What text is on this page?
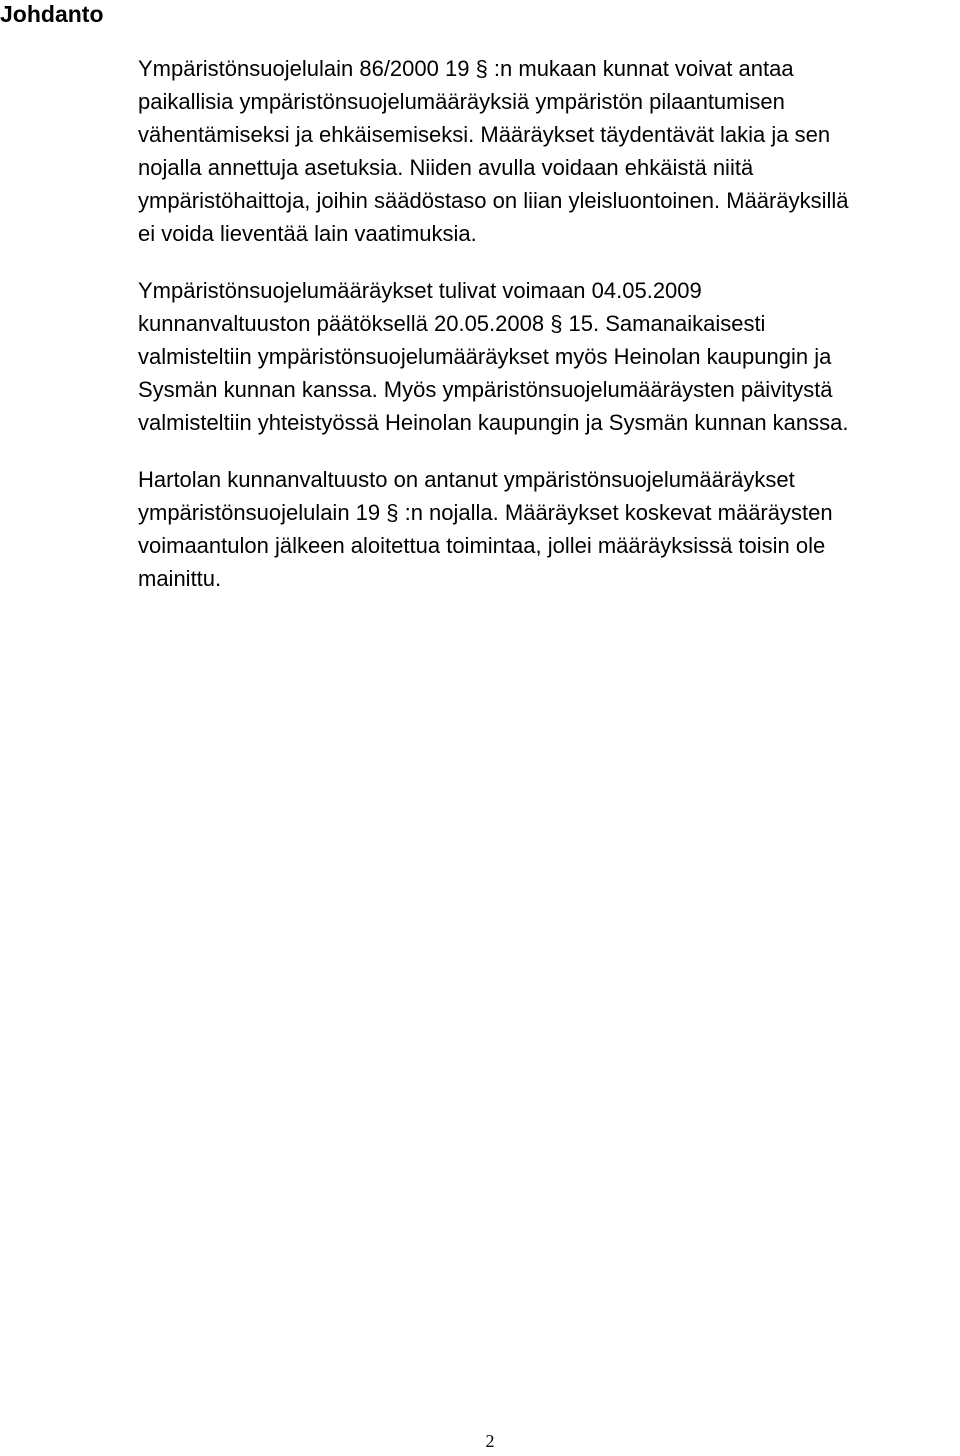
Johdanto

Ympäristönsuojelulain 86/2000 19 § :n mukaan kunnat voivat antaa
paikallisia ympäristönsuojelumääräyksiä ympäristön pilaantumisen
vähentämiseksi ja ehkäisemiseksi. Määräykset täydentävät lakia ja sen
nojalla annettuja asetuksia. Niiden avulla voidaan ehkäistä niitä
ympäristöhaittoja, joihin säädöstaso on liian yleisluontoinen. Määräyksillä
ei voida lieventää lain vaatimuksia.

Ympäristönsuojelumääräykset tulivat voimaan 04.05.2009
kunnanvaltuuston päätöksellä 20.05.2008 § 15. Samanaikaisesti
valmisteltiin ympäristönsuojelumääräykset myös Heinolan kaupungin ja
Sysmän kunnan kanssa. Myös ympäristönsuojelumääräysten päivitystä
valmisteltiin yhteistyössä Heinolan kaupungin ja Sysmän kunnan kanssa.

Hartolan kunnanvaltuusto on antanut ympäristönsuojelumääräykset
ympäristönsuojelulain 19 § :n nojalla. Määräykset koskevat määräysten
voimaantulon jälkeen aloitettua toimintaa, jollei määräyksissä toisin ole
mainittu.

2
